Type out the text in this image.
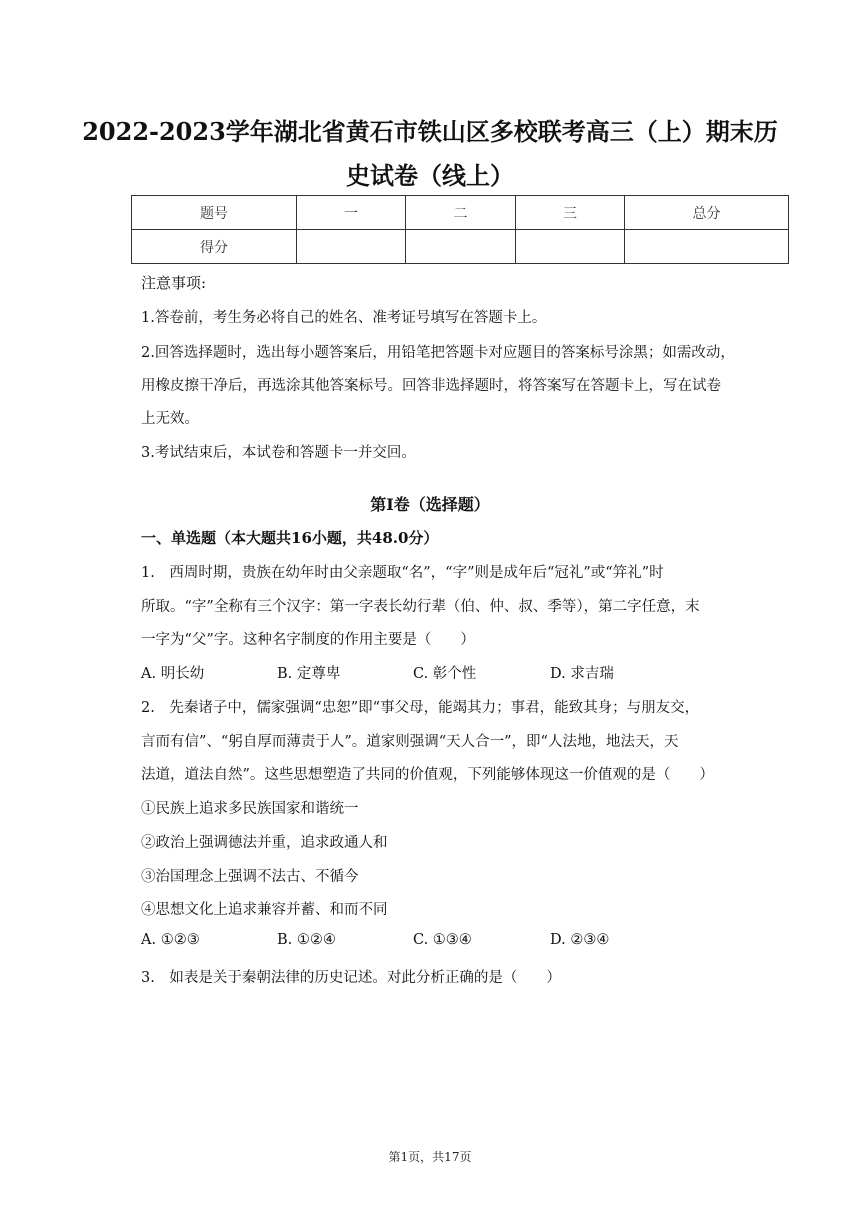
2022-2023学年湖北省黄石市铁山区多校联考高三（上）期末历
史试卷（线上）
题号	一	二	三	总分
得分				
注意事项:
1.答卷前，考生务必将自己的姓名、准考证号填写在答题卡上。
2.回答选择题时，选出每小题答案后，用铅笔把答题卡对应题目的答案标号涂黑；如需改动，
用橡皮擦干净后，再选涂其他答案标号。回答非选择题时，将答案写在答题卡上，写在试卷
上无效。
3.考试结束后，本试卷和答题卡一并交回。
第Ⅰ卷（选择题）
一、单选题（本大题共16小题，共48.0分）
1.　西周时期，贵族在幼年时由父亲题取“名”，“字”则是成年后“冠礼”或“笄礼”时
所取。“字”全称有三个汉字：第一字表长幼行辈（伯、仲、叔、季等），第二字任意，末
一字为“父”字。这种名字制度的作用主要是（　　）
A. 明长幼	B. 定尊卑	C. 彰个性	D. 求吉瑞
2.　先秦诸子中，儒家强调“忠恕”即“事父母，能竭其力；事君，能致其身；与朋友交，
言而有信”、“躬自厚而薄责于人”。道家则强调“天人合一”，即“人法地，地法天，天
法道，道法自然”。这些思想塑造了共同的价值观，下列能够体现这一价值观的是（　　）
①民族上追求多民族国家和谐统一
②政治上强调德法并重，追求政通人和
③治国理念上强调不法古、不循今
④思想文化上追求兼容并蓄、和而不同
A. ①②③	B. ①②④	C. ①③④	D. ②③④
3.　如表是关于秦朝法律的历史记述。对此分析正确的是（　　）
第1页，共17页
